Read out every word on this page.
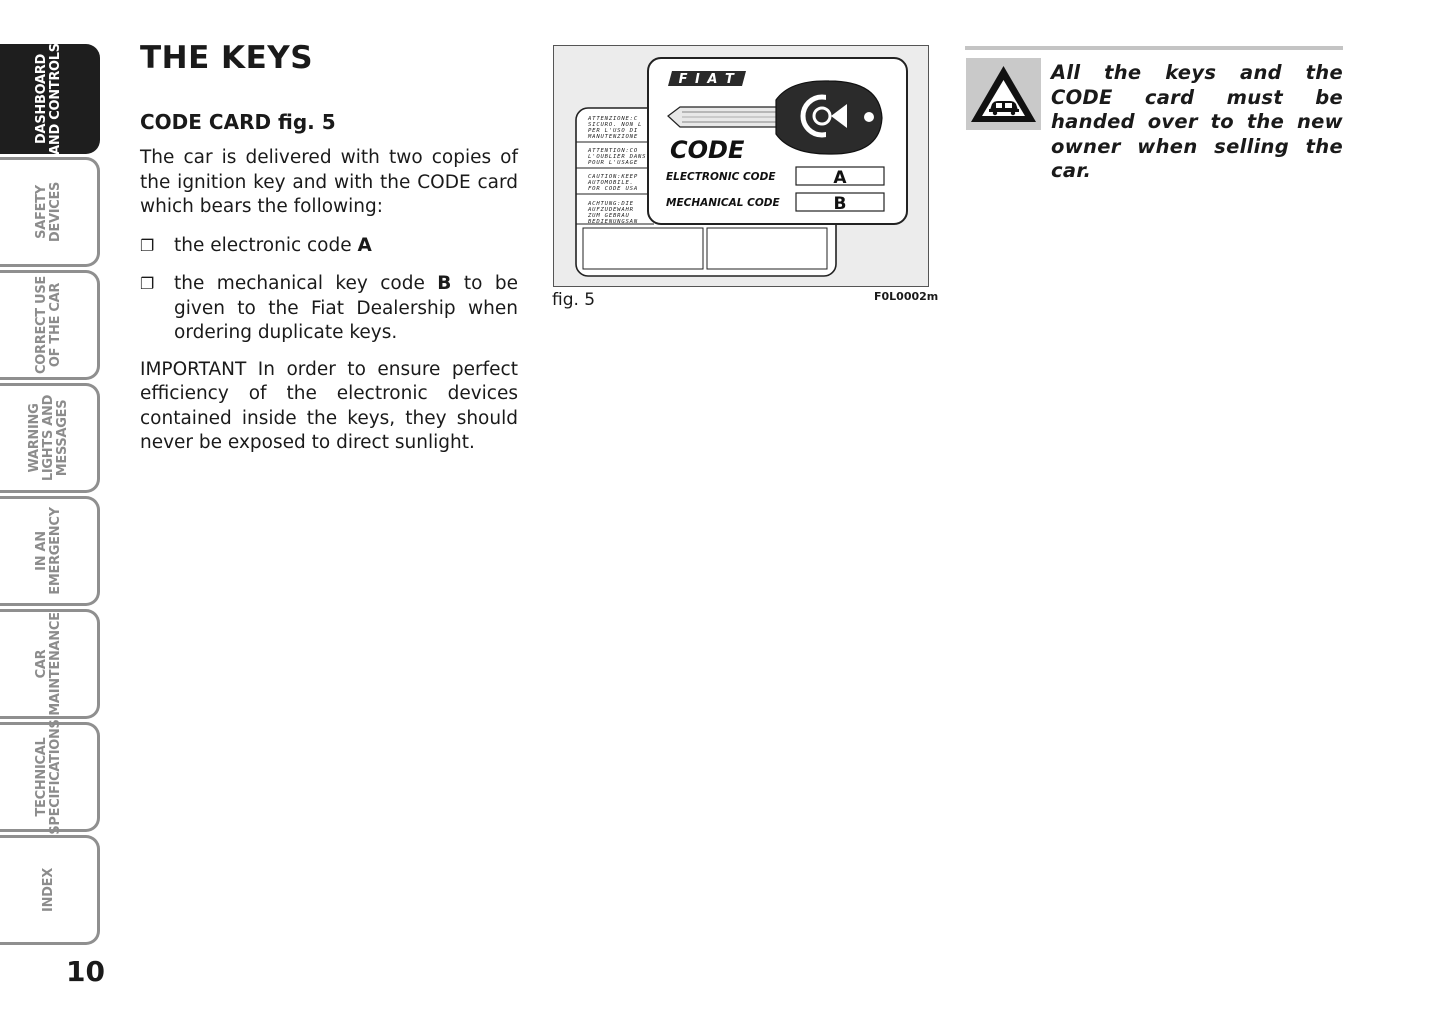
DASHBOARD
AND CONTROLS
SAFETY
DEVICES
CORRECT USE
OF THE CAR
WARNING
LIGHTS AND
MESSAGES
IN AN
EMERGENCY
CAR
MAINTENANCE
TECHNICAL
SPECIFICATIONS
INDEX
10
THE KEYS
CODE CARD fig. 5

The car is delivered with two copies of the ignition key and with the CODE card which bears the following:

❐	the electronic code A
❐	the mechanical key code B to be given to the Fiat Dealership when ordering duplicate keys.

IMPORTANT In order to ensure perfect efficiency of the electronic devices contained inside the keys, they should never be exposed to direct sunlight.

ATTENZIONE:C
SICURO. NON L
PER L'USO DI
MANUTENZIONE
ATTENTION:CO
L'OUBLIER DANS
POUR L'USAGE
CAUTION:KEEP
AUTOMOBILE.
FOR CODE USA
ACHTUNG:DIE
AUFZUDEWAHR
ZUM GEBRAU
BEDIENUNGSAN
F I A T
CODE
ELECTRONIC CODE	A
MECHANICAL CODE	B
fig. 5	F0L0002m
All the keys and the CODE card must be handed over to the new owner when selling the car.
